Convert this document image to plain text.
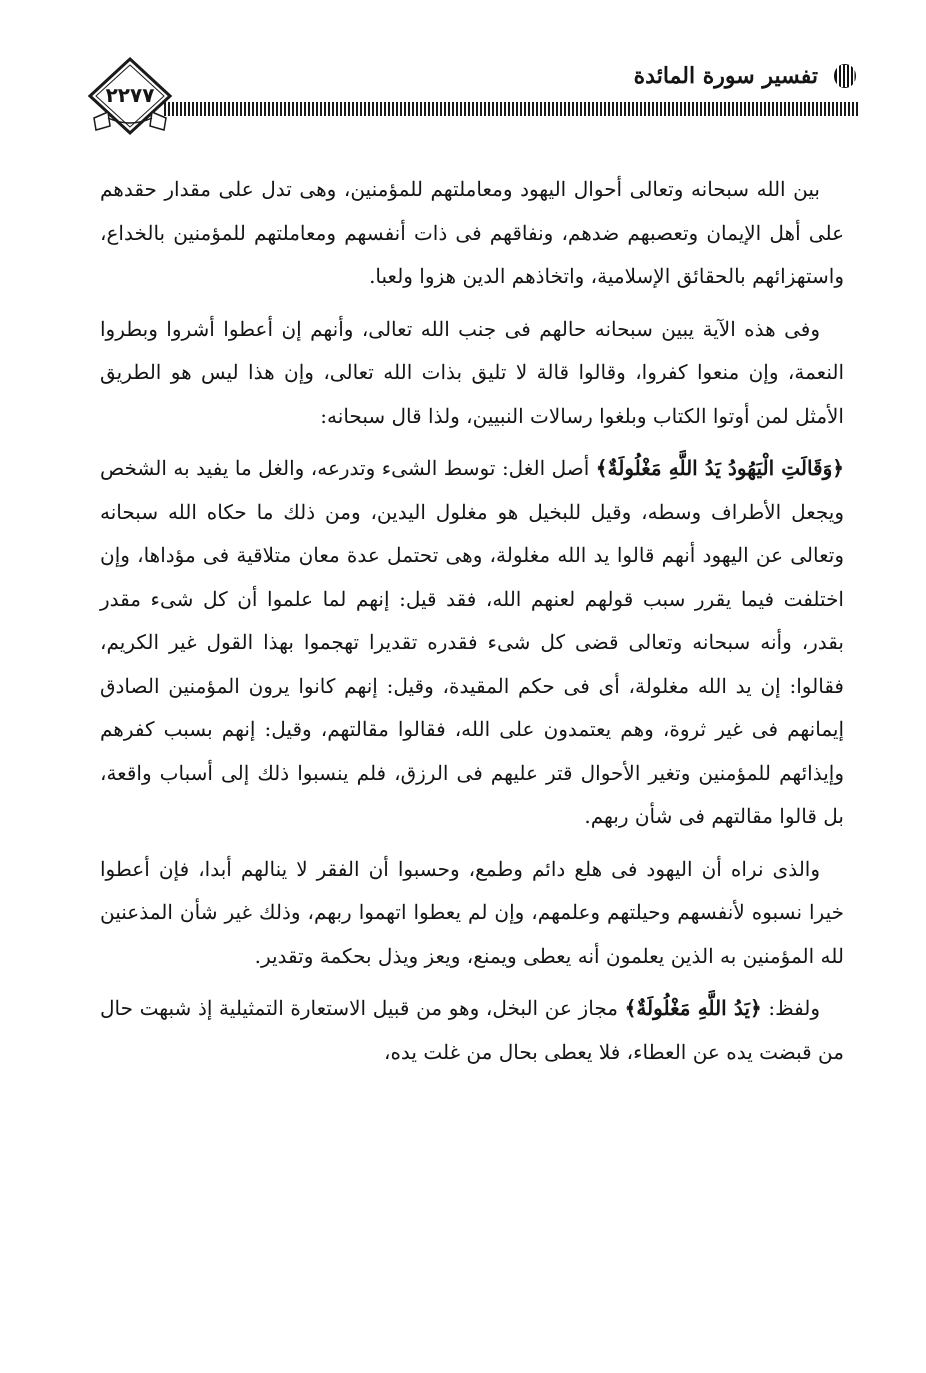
٢٢٧٧
تفسير سورة المائدة

بين الله سبحانه وتعالى أحوال اليهود ومعاملتهم للمؤمنين، وهى تدل على مقدار حقدهم على أهل الإيمان وتعصبهم ضدهم، ونفاقهم فى ذات أنفسهم ومعاملتهم للمؤمنين بالخداع، واستهزائهم بالحقائق الإسلامية، واتخاذهم الدين هزوا ولعبا.

وفى هذه الآية يبين سبحانه حالهم فى جنب الله تعالى، وأنهم إن أعطوا أشروا وبطروا النعمة، وإن منعوا كفروا، وقالوا قالة لا تليق بذات الله تعالى، وإن هذا ليس هو الطريق الأمثل لمن أوتوا الكتاب وبلغوا رسالات النبيين، ولذا قال سبحانه:

﴿وَقَالَتِ الْيَهُودُ يَدُ اللَّهِ مَغْلُولَةٌ﴾ أصل الغل: توسط الشىء وتدرعه، والغل ما يفيد به الشخص ويجعل الأطراف وسطه، وقيل للبخيل هو مغلول اليدين، ومن ذلك ما حكاه الله سبحانه وتعالى عن اليهود أنهم قالوا يد الله مغلولة، وهى تحتمل عدة معان متلاقية فى مؤداها، وإن اختلفت فيما يقرر سبب قولهم لعنهم الله، فقد قيل: إنهم لما علموا أن كل شىء مقدر بقدر، وأنه سبحانه وتعالى قضى كل شىء فقدره تقديرا تهجموا بهذا القول غير الكريم، فقالوا: إن يد الله مغلولة، أى فى حكم المقيدة، وقيل: إنهم كانوا يرون المؤمنين الصادق إيمانهم فى غير ثروة، وهم يعتمدون على الله، فقالوا مقالتهم، وقيل: إنهم بسبب كفرهم وإيذائهم للمؤمنين وتغير الأحوال قتر عليهم فى الرزق، فلم ينسبوا ذلك إلى أسباب واقعة، بل قالوا مقالتهم فى شأن ربهم.

والذى نراه أن اليهود فى هلع دائم وطمع، وحسبوا أن الفقر لا ينالهم أبدا، فإن أعطوا خيرا نسبوه لأنفسهم وحيلتهم وعلمهم، وإن لم يعطوا اتهموا ربهم، وذلك غير شأن المذعنين لله المؤمنين به الذين يعلمون أنه يعطى ويمنع، ويعز ويذل بحكمة وتقدير.

ولفظ: ﴿يَدُ اللَّهِ مَغْلُولَةٌ﴾ مجاز عن البخل، وهو من قبيل الاستعارة التمثيلية إذ شبهت حال من قبضت يده عن العطاء، فلا يعطى بحال من غلت يده،
